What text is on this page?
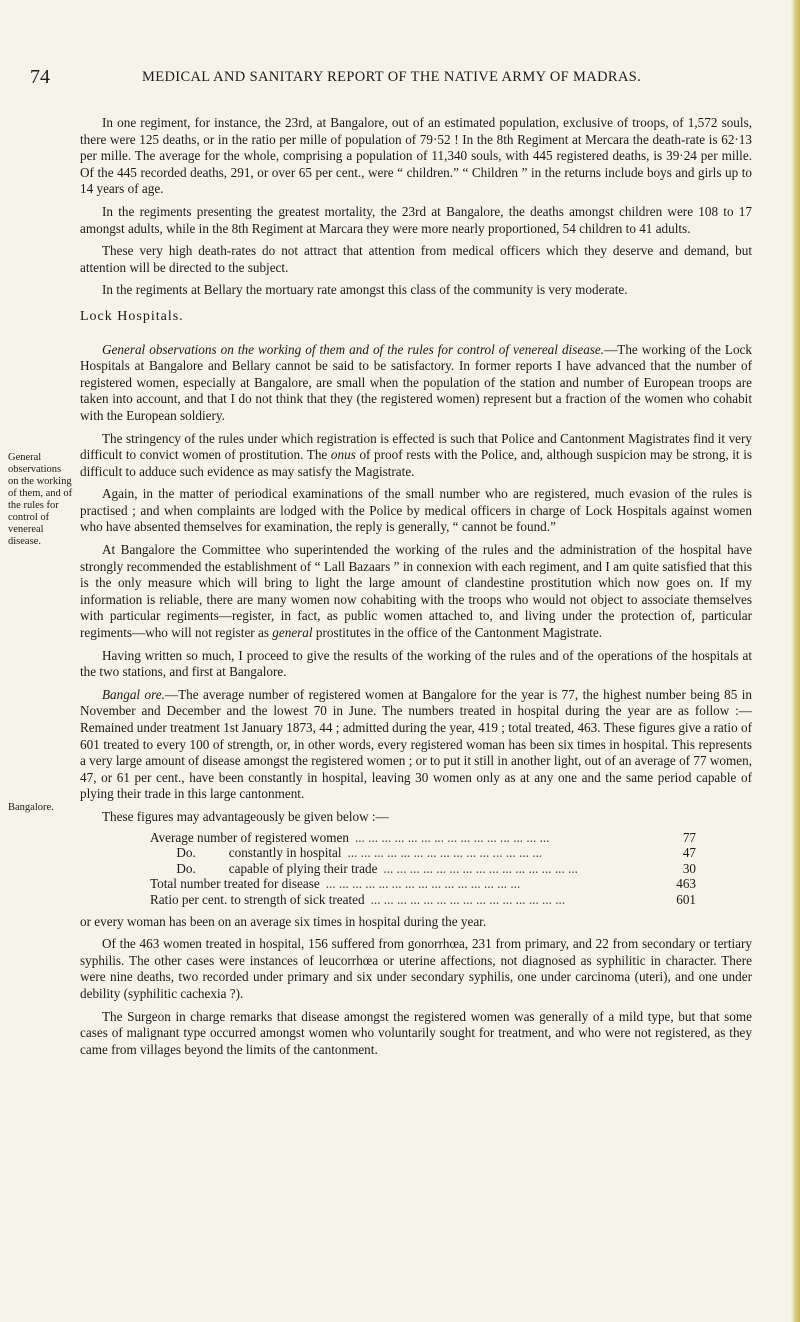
74	MEDICAL AND SANITARY REPORT OF THE NATIVE ARMY OF MADRAS.
General observations on the working of them, and of the rules for control of venereal disease.
Bangalore.

In one regiment, for instance, the 23rd, at Bangalore, out of an estimated population, exclusive of troops, of 1,572 souls, there were 125 deaths, or in the ratio per mille of population of 79·52 ! In the 8th Regiment at Mercara the death-rate is 62·13 per mille. The average for the whole, comprising a population of 11,340 souls, with 445 registered deaths, is 39·24 per mille. Of the 445 recorded deaths, 291, or over 65 per cent., were “ children.” “ Children ” in the returns include boys and girls up to 14 years of age.

In the regiments presenting the greatest mortality, the 23rd at Bangalore, the deaths amongst children were 108 to 17 amongst adults, while in the 8th Regiment at Marcara they were more nearly proportioned, 54 children to 41 adults.

These very high death-rates do not attract that attention from medical officers which they deserve and demand, but attention will be directed to the subject.

In the regiments at Bellary the mortuary rate amongst this class of the community is very moderate.

Lock Hospitals.

General observations on the working of them and of the rules for control of venereal disease.—The working of the Lock Hospitals at Bangalore and Bellary cannot be said to be satisfactory. In former reports I have advanced that the number of registered women, especially at Bangalore, are small when the population of the station and number of European troops are taken into account, and that I do not think that they (the registered women) represent but a fraction of the women who cohabit with the European soldiery.

The stringency of the rules under which registration is effected is such that Police and Cantonment Magistrates find it very difficult to convict women of prostitution. The onus of proof rests with the Police, and, although suspicion may be strong, it is difficult to adduce such evidence as may satisfy the Magistrate.

Again, in the matter of periodical examinations of the small number who are registered, much evasion of the rules is practised ; and when complaints are lodged with the Police by medical officers in charge of Lock Hospitals against women who have absented themselves for examination, the reply is generally, “ cannot be found.”

At Bangalore the Committee who superintended the working of the rules and the administration of the hospital have strongly recommended the establishment of “ Lall Bazaars ” in connexion with each regiment, and I am quite satisfied that this is the only measure which will bring to light the large amount of clandestine prostitution which now goes on. If my information is reliable, there are many women now cohabiting with the troops who would not object to associate themselves with particular regiments—register, in fact, as public women attached to, and living under the protection of, particular regiments—who will not register as general prostitutes in the office of the Cantonment Magistrate.

Having written so much, I proceed to give the results of the working of the rules and of the operations of the hospitals at the two stations, and first at Bangalore.

Bangal ore.—The average number of registered women at Bangalore for the year is 77, the highest number being 85 in November and December and the lowest 70 in June. The numbers treated in hospital during the year are as follow :—Remained under treatment 1st January 1873, 44 ; admitted during the year, 419 ; total treated, 463. These figures give a ratio of 601 treated to every 100 of strength, or, in other words, every registered woman has been six times in hospital. This represents a very large amount of disease amongst the registered women ; or to put it still in another light, out of an average of 77 women, 47, or 61 per cent., have been constantly in hospital, leaving 30 women only as at any one and the same period capable of plying their trade in this large cantonment.

These figures may advantageously be given below :—

Average number of registered women ... ... ... ... ... ... ... ... ... ... ... ... ... ... ...	77
Do.          constantly in hospital ... ... ... ... ... ... ... ... ... ... ... ... ... ... ...	47
Do.          capable of plying their trade ... ... ... ... ... ... ... ... ... ... ... ... ... ... ...	30
Total number treated for disease ... ... ... ... ... ... ... ... ... ... ... ... ... ... ...	463
Ratio per cent. to strength of sick treated ... ... ... ... ... ... ... ... ... ... ... ... ... ... ...	601

or every woman has been on an average six times in hospital during the year.

Of the 463 women treated in hospital, 156 suffered from gonorrhœa, 231 from primary, and 22 from secondary or tertiary syphilis. The other cases were instances of leucorrhœa or uterine affections, not diagnosed as syphilitic in character. There were nine deaths, two recorded under primary and six under secondary syphilis, one under carcinoma (uteri), and one under debility (syphilitic cachexia ?).

The Surgeon in charge remarks that disease amongst the registered women was generally of a mild type, but that some cases of malignant type occurred amongst women who voluntarily sought for treatment, and who were not registered, as they came from villages beyond the limits of the cantonment.
